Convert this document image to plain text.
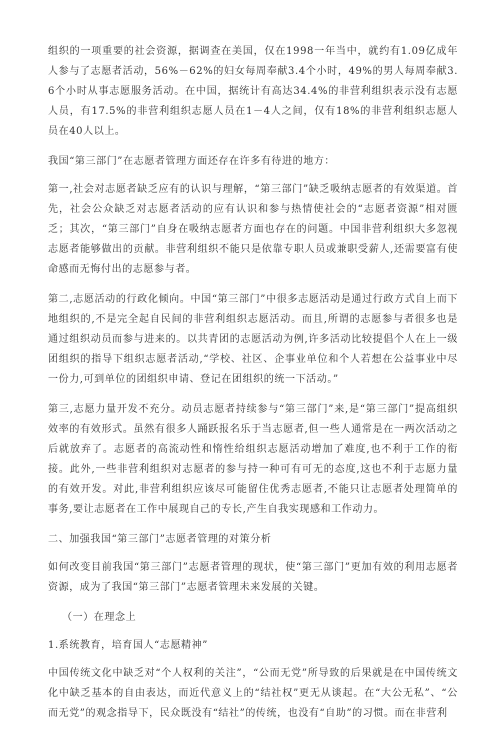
组织的一项重要的社会资源，据调查在美国，仅在1998一年当中，就约有1.09亿成年人参与了志愿者活动，56%－62%的妇女每周奉献3.4个小时，49%的男人每周奉献3.6个小时从事志愿服务活动。在中国，据统计有高达34.4%的非营利组织表示没有志愿人员，有17.5%的非营利组织志愿人员在1－4人之间，仅有18%的非营利组织志愿人员在40人以上。

我国“第三部门”在志愿者管理方面还存在许多有待进的地方：

第一,社会对志愿者缺乏应有的认识与理解，“第三部门”缺乏吸纳志愿者的有效渠道。首先，社会公众缺乏对志愿者活动的应有认识和参与热情使社会的“志愿者资源”相对匮乏；其次，“第三部门”自身在吸纳志愿者方面也存在的问题。中国非营利组织大多忽视志愿者能够做出的贡献。非营利组织不能只是依靠专职人员或兼职受薪人,还需要富有使命感而无悔付出的志愿参与者。

第二,志愿活动的行政化倾向。中国“第三部门”中很多志愿活动是通过行政方式自上而下地组织的,不是完全起自民间的非营利组织志愿活动。而且,所谓的志愿参与者很多也是通过组织动员而参与进来的。以共青团的志愿活动为例,许多活动比较提倡个人在上一级团组织的指导下组织志愿者活动,“学校、社区、企事业单位和个人若想在公益事业中尽一份力,可到单位的团组织申请、登记在团组织的统一下活动。”

第三,志愿力量开发不充分。动员志愿者持续参与“第三部门”来,是“第三部门”提高组织效率的有效形式。虽然有很多人踊跃报名乐于当志愿者,但一些人通常是在一两次活动之后就放弃了。志愿者的高流动性和惰性给组织志愿活动增加了难度,也不利于工作的衔接。此外,一些非营利组织对志愿者的参与持一种可有可无的态度,这也不利于志愿力量的有效开发。对此,非营利组织应该尽可能留住优秀志愿者,不能只让志愿者处理简单的事务,要让志愿者在工作中展现自己的专长,产生自我实现感和工作动力。

二、加强我国“第三部门”志愿者管理的对策分析

如何改变目前我国“第三部门”志愿者管理的现状，使“第三部门”更加有效的利用志愿者资源，成为了我国“第三部门”志愿者管理未来发展的关键。

（一）在理念上

1.系统教育，培育国人“志愿精神”

中国传统文化中缺乏对“个人权利的关注”，“公而无党”所导致的后果就是在中国传统文化中缺乏基本的自由表达，而近代意义上的“结社权”更无从谈起。在“大公无私”、“公而无党”的观念指导下，民众既没有“结社”的传统，也没有“自助”的习惯。而在非营利
